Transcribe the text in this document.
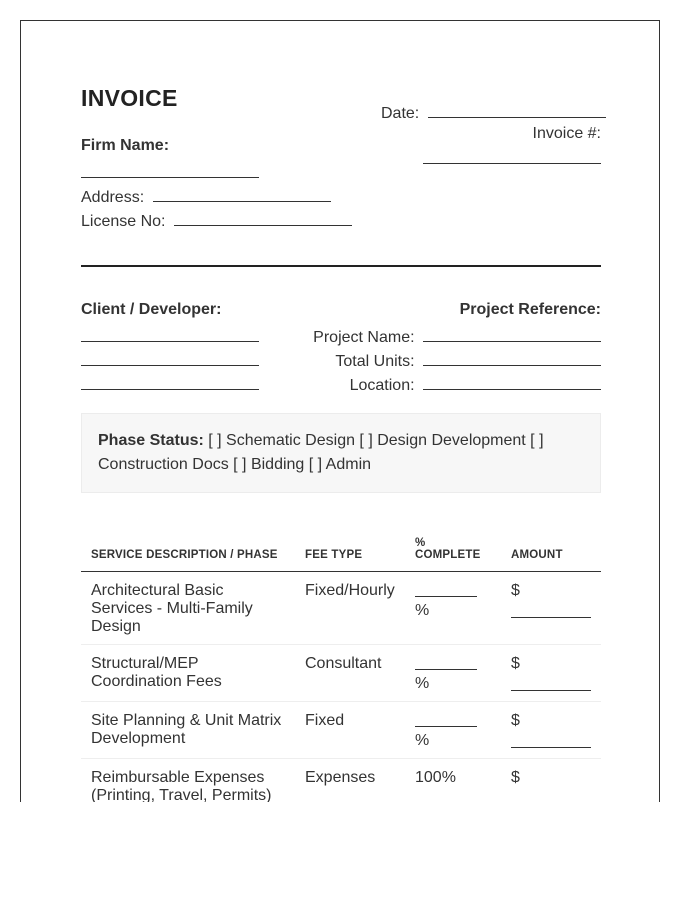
INVOICE
Date:
Invoice #:
Firm Name:
Address:
License No:
Client / Developer:	Project Reference:
Project Name:
Total Units:
Location:
Phase Status: [ ] Schematic Design [ ] Design Development [ ] Construction Docs [ ] Bidding [ ] Admin
SERVICE DESCRIPTION / PHASE	FEE TYPE	% COMPLETE	AMOUNT
Architectural Basic Services - Multi-Family Design	Fixed/Hourly	%	$

Structural/MEP Coordination Fees	Consultant	%	$

Site Planning & Unit Matrix Development	Fixed	%	$

Reimbursable Expenses (Printing, Travel, Permits)	Expenses	100%	$
